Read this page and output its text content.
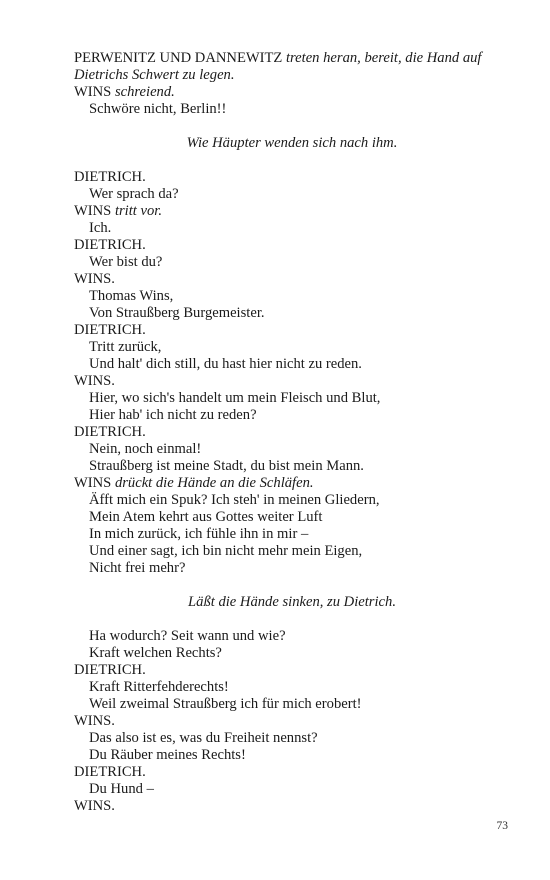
PERWENITZ UND DANNEWITZ treten heran, bereit, die Hand auf
Dietrichs Schwert zu legen.
WINS schreiend.
Schwöre nicht, Berlin!!
Wie Häupter wenden sich nach ihm.
DIETRICH.
Wer sprach da?
WINS tritt vor.
Ich.
DIETRICH.
Wer bist du?
WINS.
Thomas Wins,
Von Straußberg Burgemeister.
DIETRICH.
Tritt zurück,
Und halt' dich still, du hast hier nicht zu reden.
WINS.
Hier, wo sich's handelt um mein Fleisch und Blut,
Hier hab' ich nicht zu reden?
DIETRICH.
Nein, noch einmal!
Straußberg ist meine Stadt, du bist mein Mann.
WINS drückt die Hände an die Schläfen.
Äfft mich ein Spuk? Ich steh' in meinen Gliedern,
Mein Atem kehrt aus Gottes weiter Luft
In mich zurück, ich fühle ihn in mir –
Und einer sagt, ich bin nicht mehr mein Eigen,
Nicht frei mehr?
Läßt die Hände sinken, zu Dietrich.
Ha wodurch? Seit wann und wie?
Kraft welchen Rechts?
DIETRICH.
Kraft Ritterfehderechts!
Weil zweimal Straußberg ich für mich erobert!
WINS.
Das also ist es, was du Freiheit nennst?
Du Räuber meines Rechts!
DIETRICH.
Du Hund –
WINS.
73
